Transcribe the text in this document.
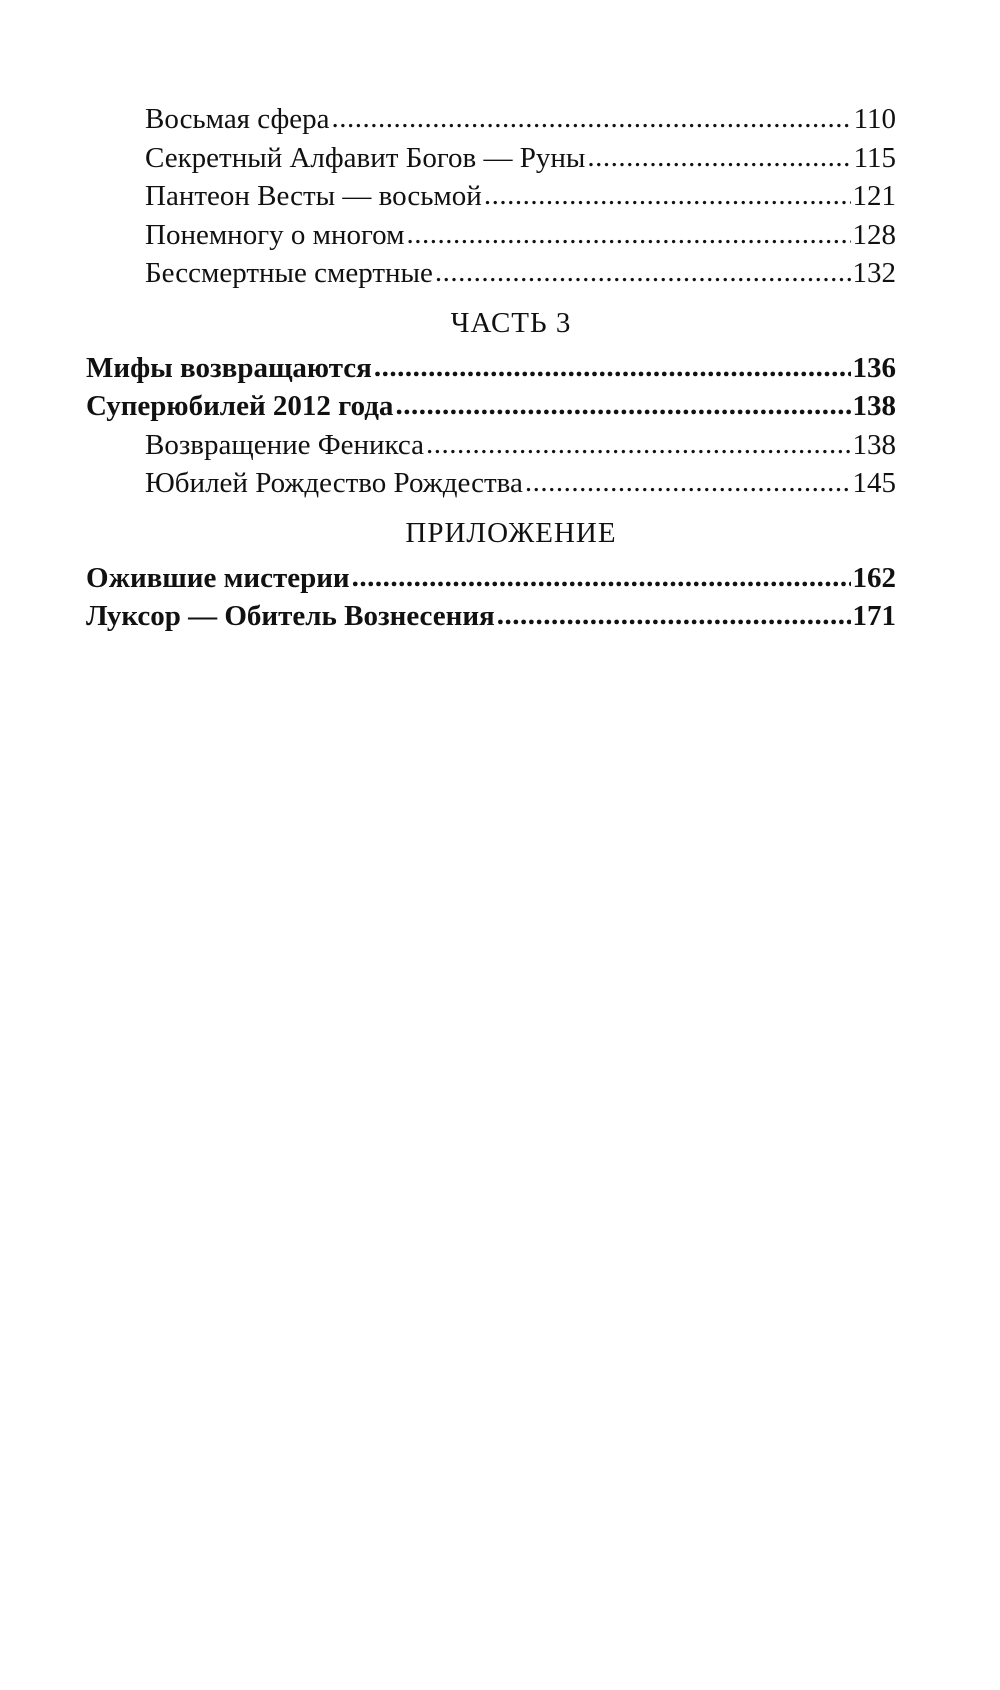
Восьмая сфера .....	110
Секретный Алфавит Богов — Руны .....	115
Пантеон Весты — восьмой .....	121
Понемногу о многом .....	128
Бессмертные смертные .....	132
ЧАСТЬ 3
Мифы возвращаются .....	136
Суперюбилей 2012 года .....	138
Возвращение Феникса .....	138
Юбилей Рождество Рождества .....	145
ПРИЛОЖЕНИЕ
Ожившие мистерии .....	162
Луксор — Обитель Вознесения .....	171
